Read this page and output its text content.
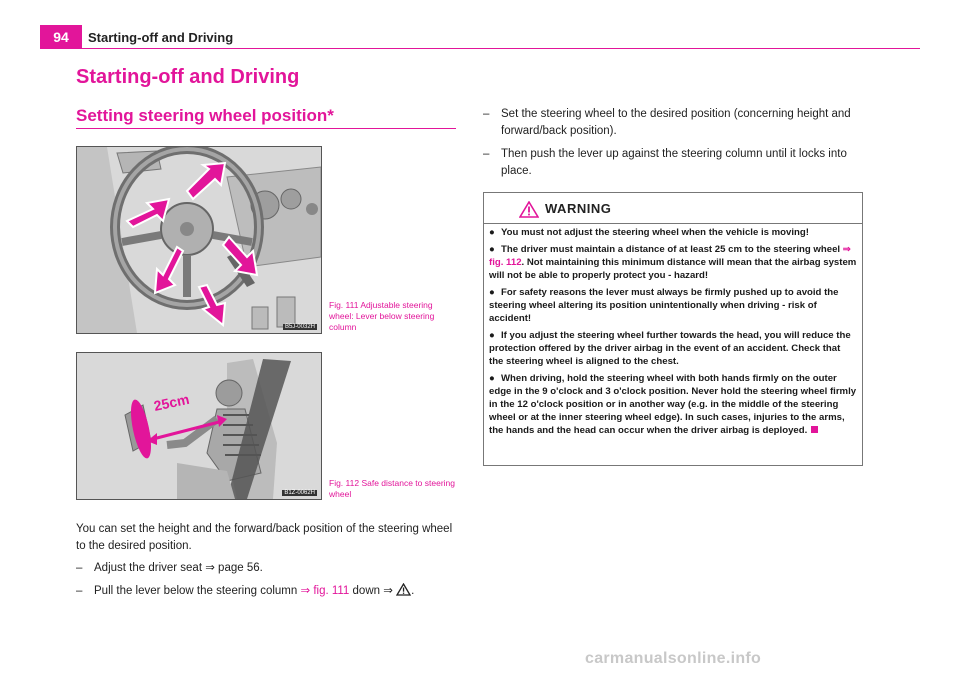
94	Starting-off and Driving
Starting-off and Driving
Setting steering wheel position*
B5J-0032H
Fig. 111 Adjustable steering wheel: Lever below steering column
25cm
B1Z-0062H
Fig. 112 Safe distance to steering wheel
You can set the height and the forward/back position of the steering wheel to the desired position.
–	Adjust the driver seat ⇒ page 56.
–	Pull the lever below the steering column ⇒ fig. 111 down ⇒ .
–	Set the steering wheel to the desired position (concerning height and forward/back position).
–	Then push the lever up against the steering column until it locks into place.
WARNING
● You must not adjust the steering wheel when the vehicle is moving!
● The driver must maintain a distance of at least 25 cm to the steering wheel ⇒ fig. 112. Not maintaining this minimum distance will mean that the airbag system will not be able to properly protect you - hazard!
● For safety reasons the lever must always be firmly pushed up to avoid the steering wheel altering its position unintentionally when driving - risk of accident!
● If you adjust the steering wheel further towards the head, you will reduce the protection offered by the driver airbag in the event of an accident. Check that the steering wheel is aligned to the chest.
● When driving, hold the steering wheel with both hands firmly on the outer edge in the 9 o'clock and 3 o'clock position. Never hold the steering wheel firmly in the 12 o'clock position or in another way (e.g. in the middle of the steering wheel or at the inner steering wheel edge). In such cases, injuries to the arms, the hands and the head can occur when the driver airbag is deployed.
carmanualsonline.info
